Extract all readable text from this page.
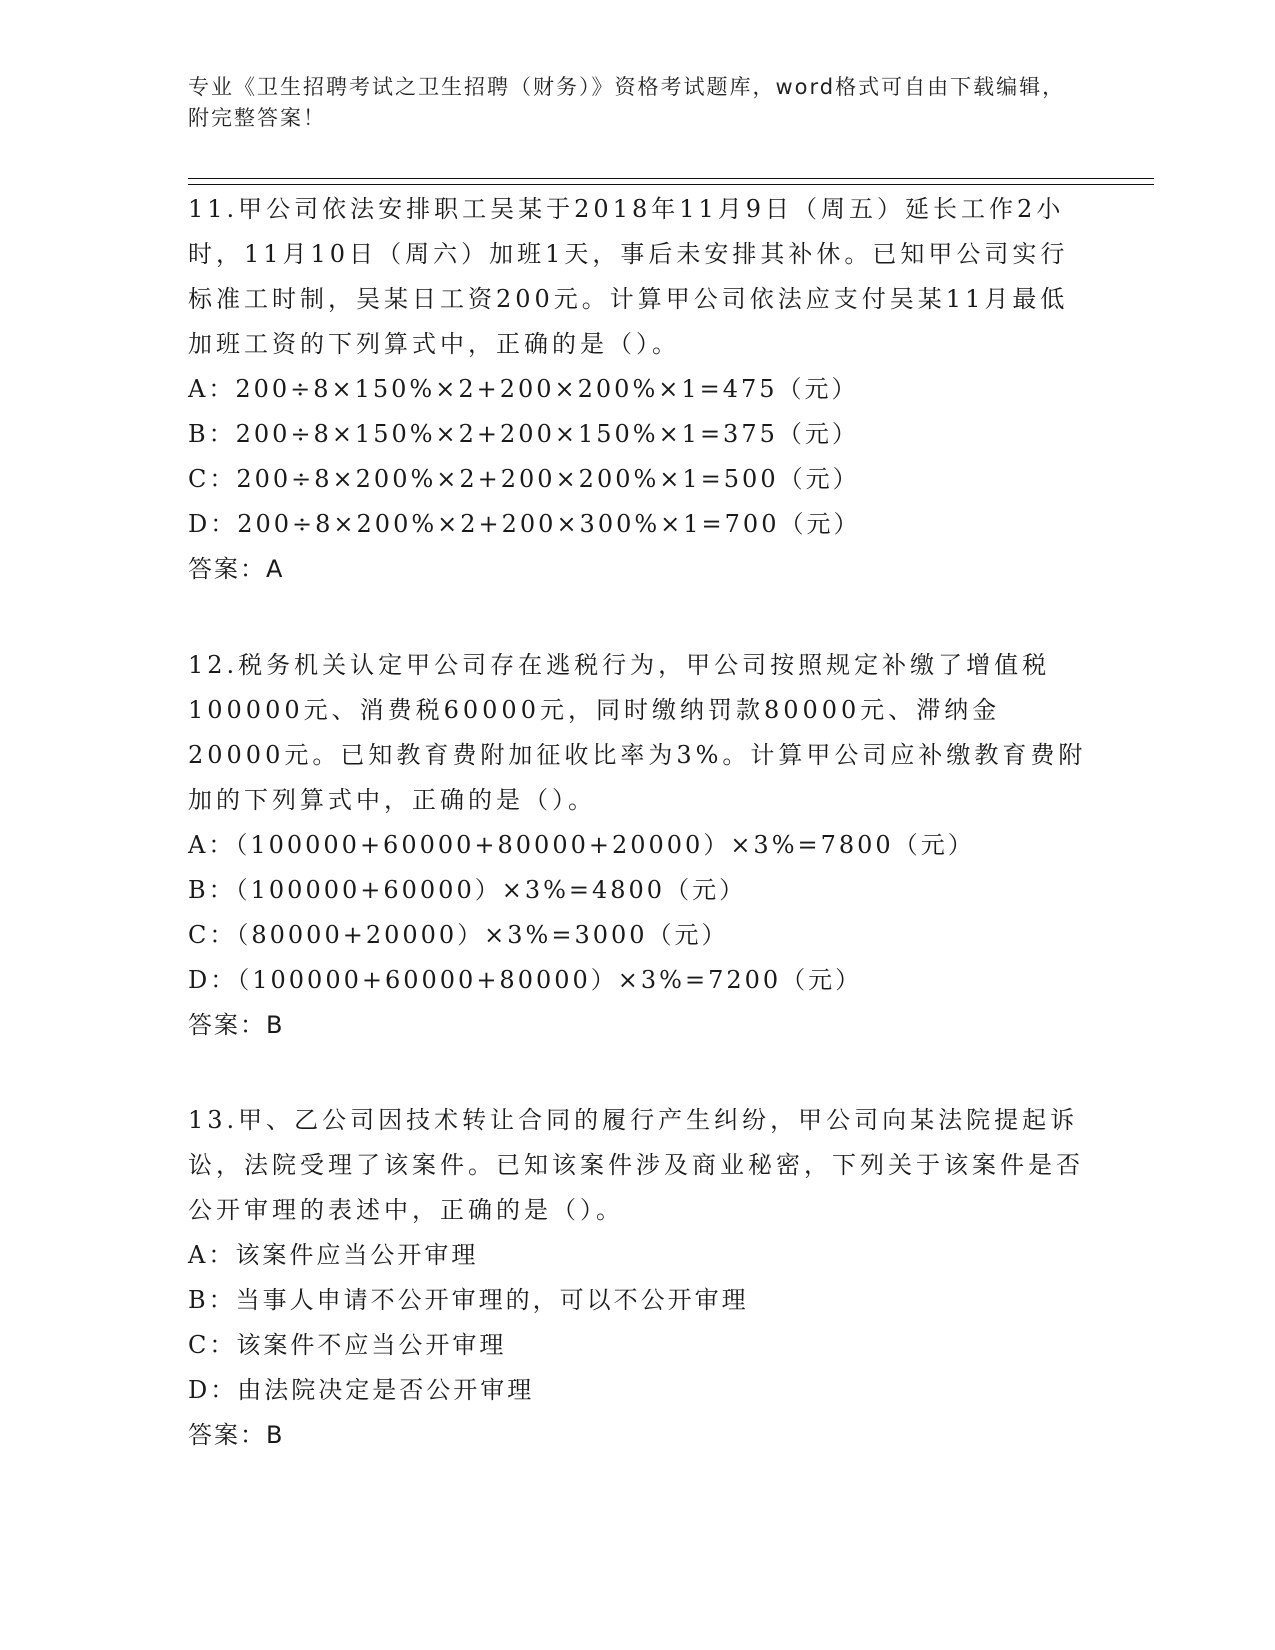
专业《卫生招聘考试之卫生招聘（财务）》资格考试题库，word格式可自由下载编辑，附完整答案！

11.甲公司依法安排职工吴某于2018年11月9日（周五）延长工作2小时，11月10日（周六）加班1天，事后未安排其补休。已知甲公司实行标准工时制，吴某日工资200元。计算甲公司依法应支付吴某11月最低加班工资的下列算式中，正确的是（）。

A：200÷8×150%×2+200×200%×1=475（元）

B：200÷8×150%×2+200×150%×1=375（元）

C：200÷8×200%×2+200×200%×1=500（元）

D：200÷8×200%×2+200×300%×1=700（元）

答案：A

12.税务机关认定甲公司存在逃税行为，甲公司按照规定补缴了增值税100000元、消费税60000元，同时缴纳罚款80000元、滞纳金20000元。已知教育费附加征收比率为3%。计算甲公司应补缴教育费附加的下列算式中，正确的是（）。

A：（100000+60000+80000+20000）×3%=7800（元）

B：（100000+60000）×3%=4800（元）

C：（80000+20000）×3%=3000（元）

D：（100000+60000+80000）×3%=7200（元）

答案：B

13.甲、乙公司因技术转让合同的履行产生纠纷，甲公司向某法院提起诉讼，法院受理了该案件。已知该案件涉及商业秘密，下列关于该案件是否公开审理的表述中，正确的是（）。

A：该案件应当公开审理

B：当事人申请不公开审理的，可以不公开审理

C：该案件不应当公开审理

D：由法院决定是否公开审理

答案：B
